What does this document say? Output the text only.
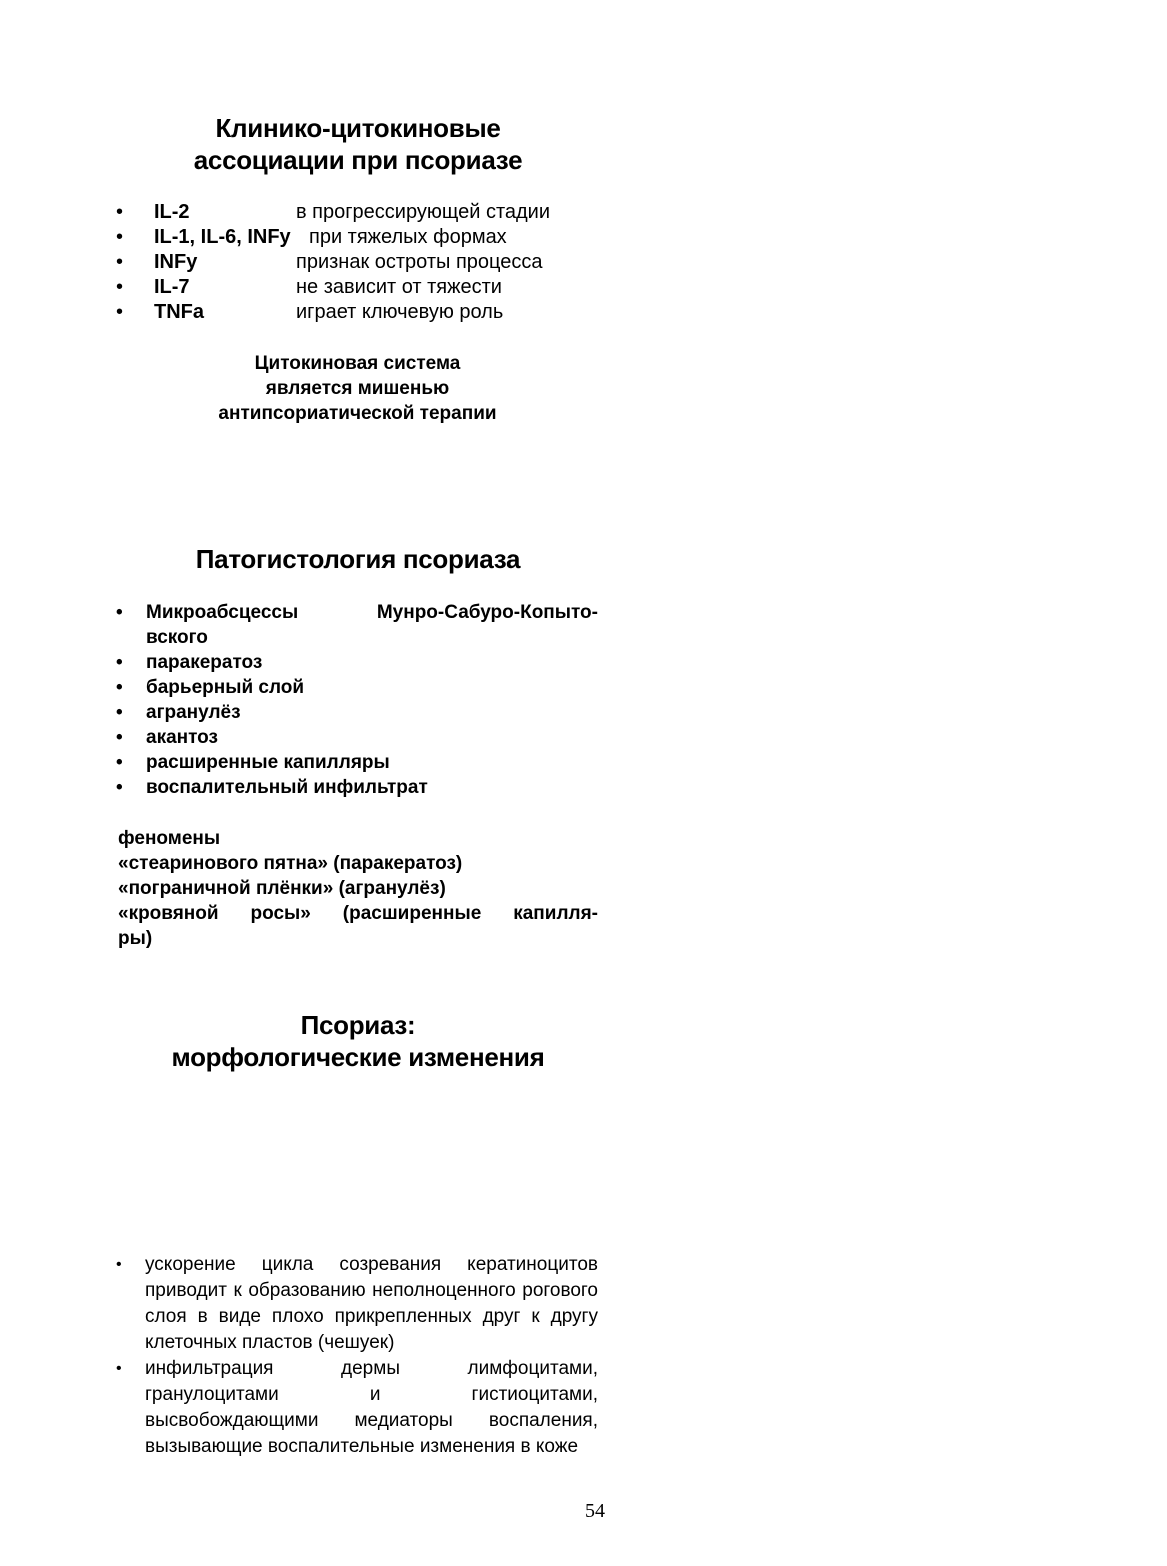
Клинико-цитокиновые
ассоциации при псориазе
• IL-2	в прогрессирующей стадии
• IL-1, IL-6, INFy при тяжелых формах
• INFy	признак остроты процесса
• IL-7	не зависит от тяжести
• TNFa	играет ключевую роль
Цитокиновая система
является мишенью
антипсориатической терапии
Патогистология псориаза
• Микроабсцессы Мунро-Сабуро-Копыто-
вского
• паракератоз
• барьерный слой
• агранулёз
• акантоз
• расширенные капилляры
• воспалительный инфильтрат
феномены
«стеаринового пятна» (паракератоз)
«пограничной плёнки» (агранулёз)
«кровяной росы» (расширенные капилля-
ры)
Псориаз:
морфологические изменения
• ускорение цикла созревания кератиноцитов приводит к образованию неполноценного рогового слоя в виде плохо прикрепленных друг к другу клеточных пластов (чешуек)
• инфильтрация дермы лимфоцитами, гранулоцитами и гистиоцитами, высвобождающими медиаторы воспаления, вызывающие воспалительные изменения в коже
54
